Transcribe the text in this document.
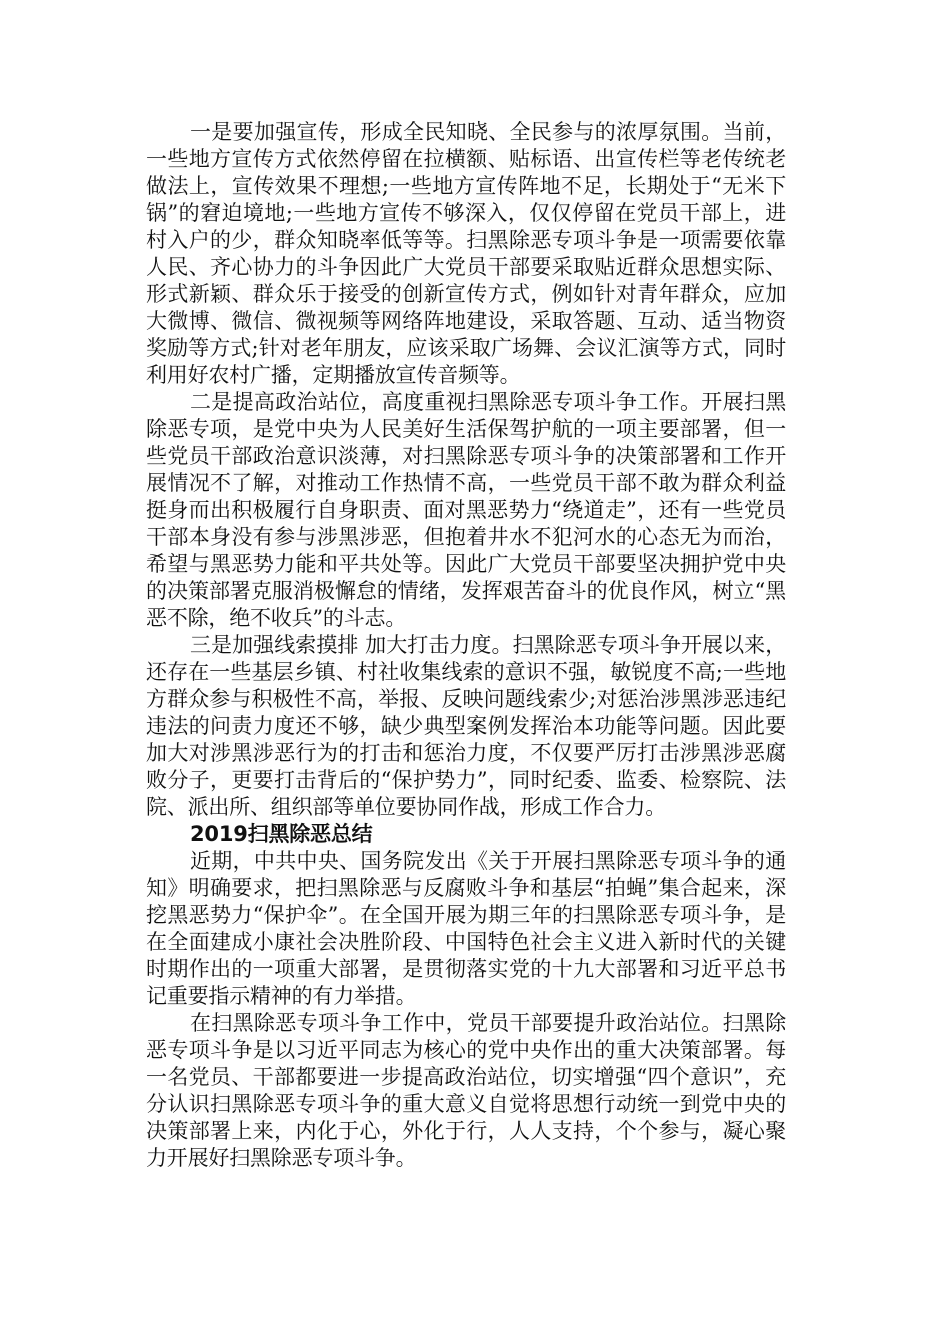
一是要加强宣传，形成全民知晓、全民参与的浓厚氛围。当前，一些地方宣传方式依然停留在拉横额、贴标语、出宣传栏等老传统老做法上，宣传效果不理想;一些地方宣传阵地不足，长期处于“无米下锅”的窘迫境地;一些地方宣传不够深入，仅仅停留在党员干部上，进村入户的少，群众知晓率低等等。扫黑除恶专项斗争是一项需要依靠人民、齐心协力的斗争因此广大党员干部要采取贴近群众思想实际、形式新颖、群众乐于接受的创新宣传方式，例如针对青年群众，应加大微博、微信、微视频等网络阵地建设，采取答题、互动、适当物资奖励等方式;针对老年朋友，应该采取广场舞、会议汇演等方式，同时利用好农村广播，定期播放宣传音频等。

二是提高政治站位，高度重视扫黑除恶专项斗争工作。开展扫黑除恶专项，是党中央为人民美好生活保驾护航的一项主要部署，但一些党员干部政治意识淡薄，对扫黑除恶专项斗争的决策部署和工作开展情况不了解，对推动工作热情不高，一些党员干部不敢为群众利益挺身而出积极履行自身职责、面对黑恶势力“绕道走”，还有一些党员干部本身没有参与涉黑涉恶，但抱着井水不犯河水的心态无为而治，希望与黑恶势力能和平共处等。因此广大党员干部要坚决拥护党中央的决策部署克服消极懈怠的情绪，发挥艰苦奋斗的优良作风，树立“黑恶不除，绝不收兵”的斗志。

三是加强线索摸排 加大打击力度。扫黑除恶专项斗争开展以来，还存在一些基层乡镇、村社收集线索的意识不强，敏锐度不高;一些地方群众参与积极性不高，举报、反映问题线索少;对惩治涉黑涉恶违纪违法的问责力度还不够，缺少典型案例发挥治本功能等问题。因此要加大对涉黑涉恶行为的打击和惩治力度，不仅要严厉打击涉黑涉恶腐败分子，更要打击背后的“保护势力”，同时纪委、监委、检察院、法院、派出所、组织部等单位要协同作战，形成工作合力。

2019扫黑除恶总结

近期，中共中央、国务院发出《关于开展扫黑除恶专项斗争的通知》明确要求，把扫黑除恶与反腐败斗争和基层“拍蝇”集合起来，深挖黑恶势力“保护伞”。在全国开展为期三年的扫黑除恶专项斗争，是在全面建成小康社会决胜阶段、中国特色社会主义进入新时代的关键时期作出的一项重大部署，是贯彻落实党的十九大部署和习近平总书记重要指示精神的有力举措。

在扫黑除恶专项斗争工作中，党员干部要提升政治站位。扫黑除恶专项斗争是以习近平同志为核心的党中央作出的重大决策部署。每一名党员、干部都要进一步提高政治站位，切实增强“四个意识”，充分认识扫黑除恶专项斗争的重大意义自觉将思想行动统一到党中央的决策部署上来，内化于心，外化于行，人人支持，个个参与，凝心聚力开展好扫黑除恶专项斗争。
